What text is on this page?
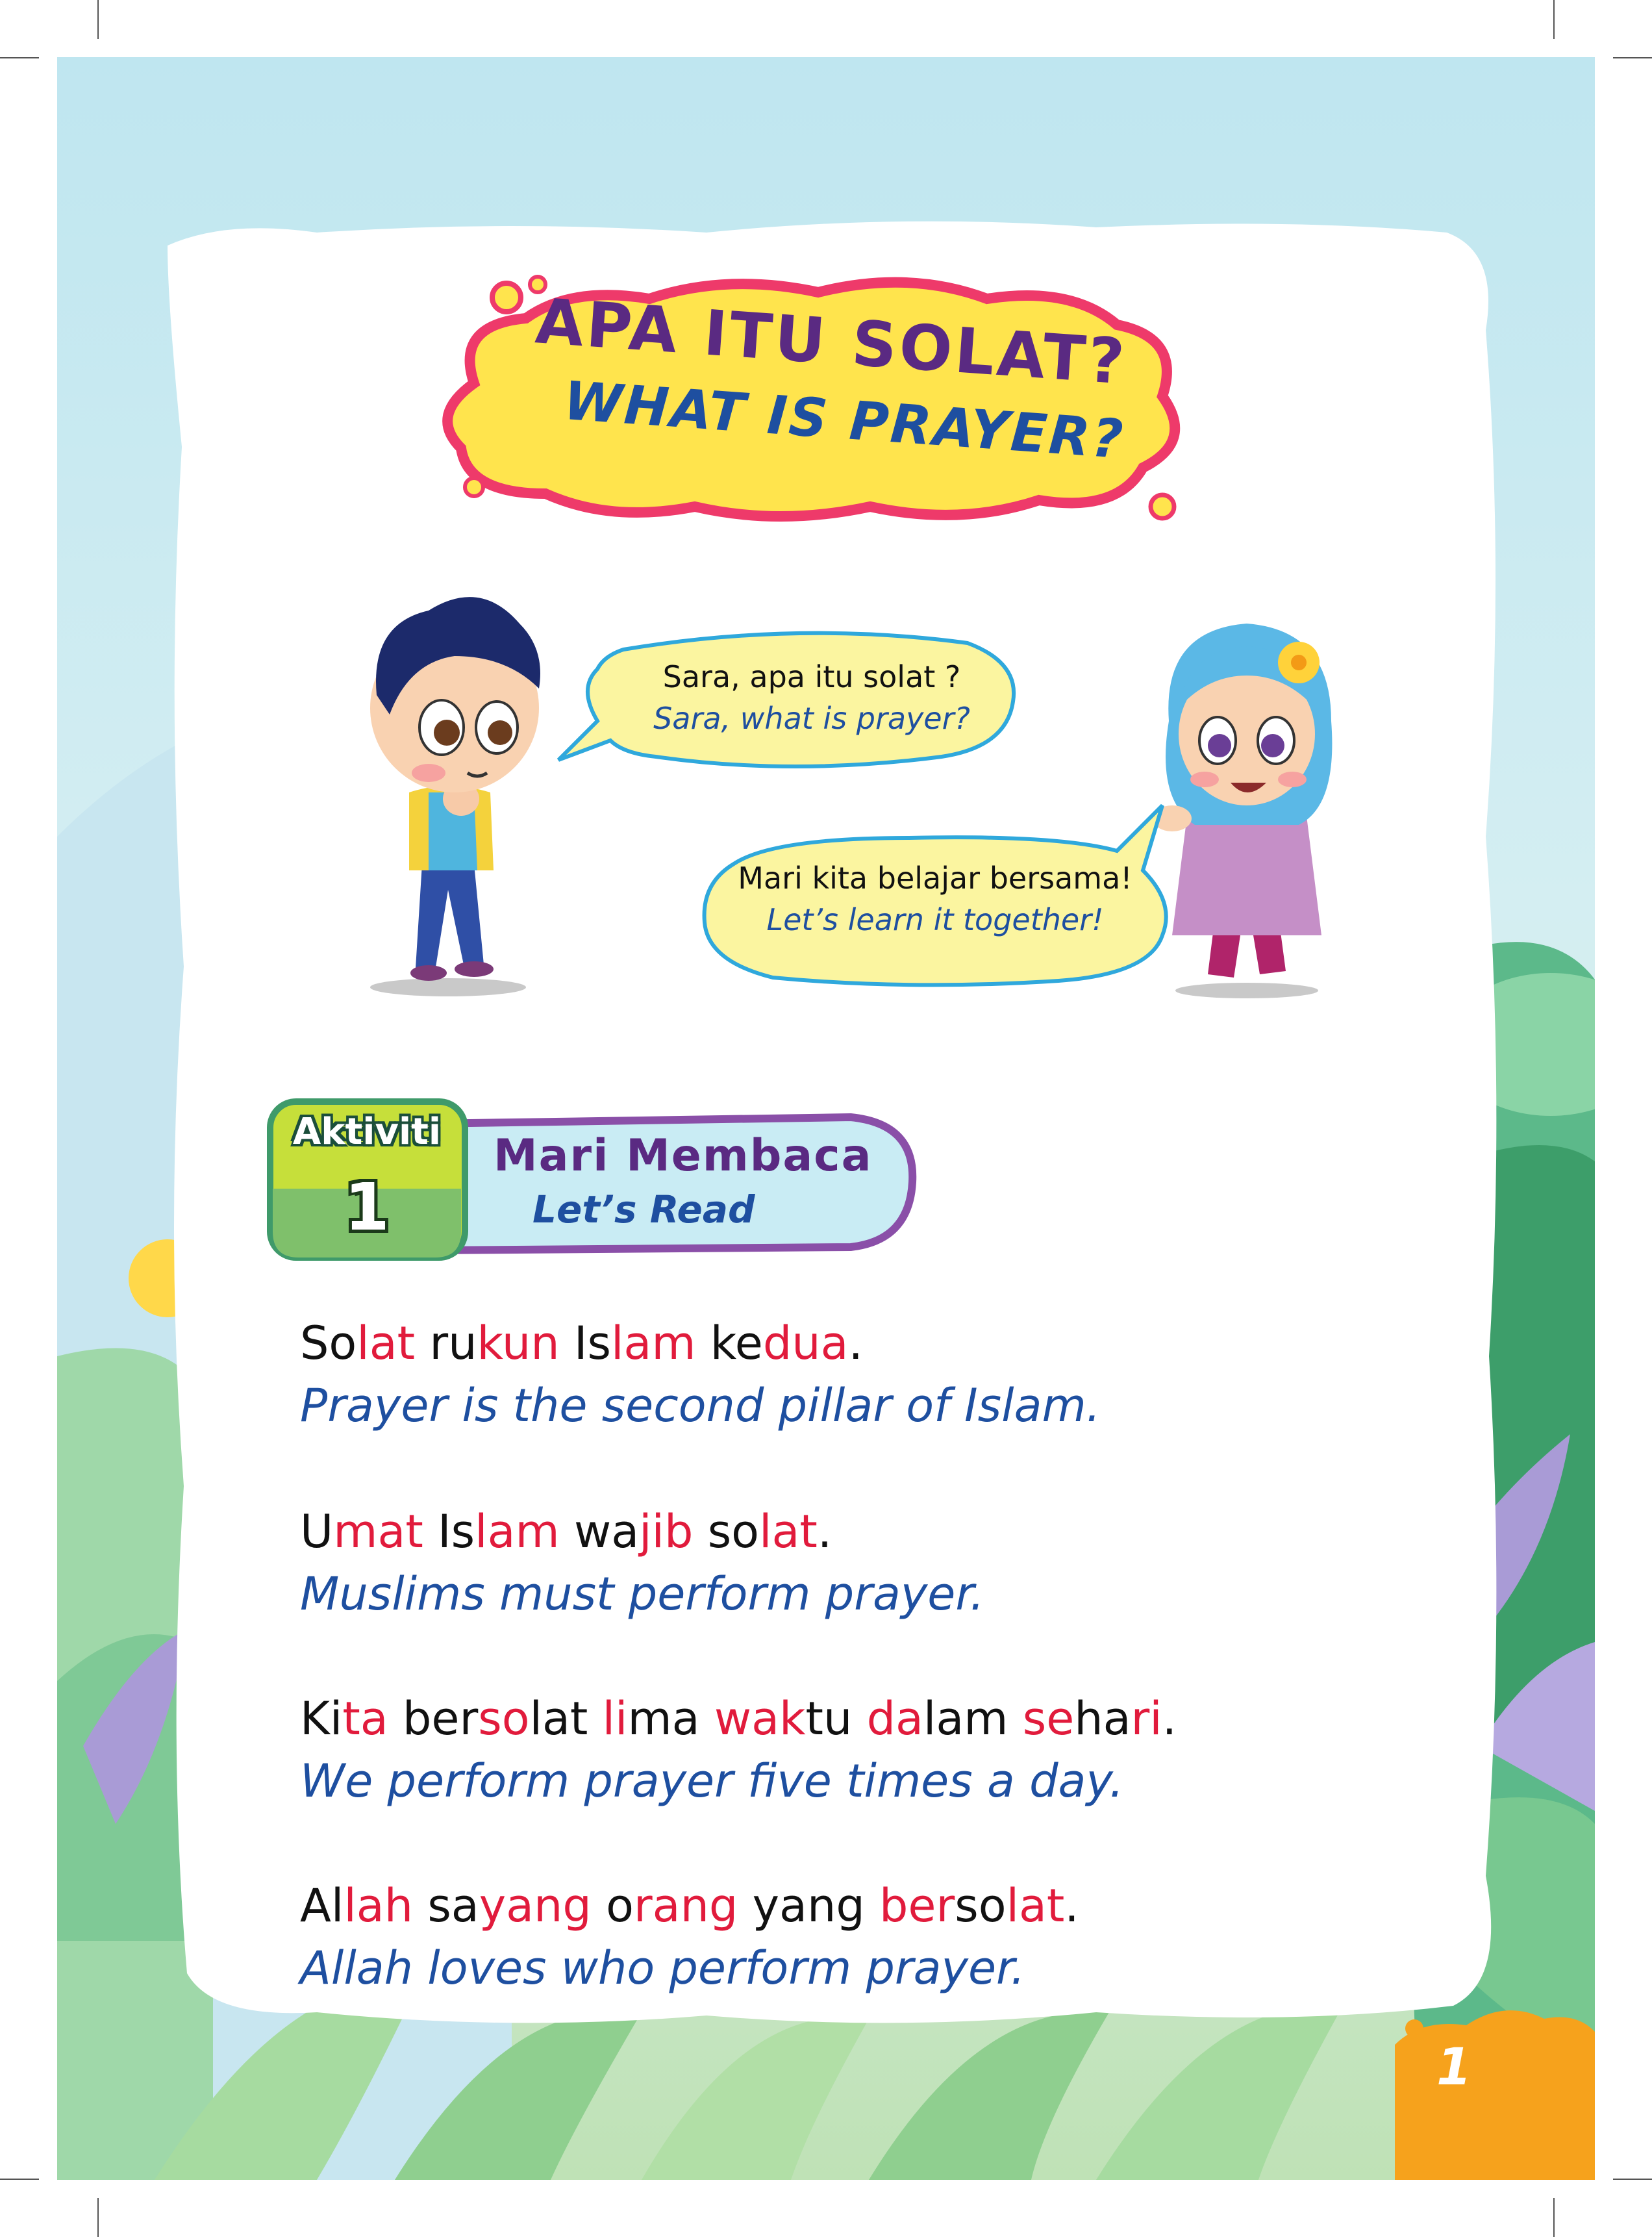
APA ITU SOLAT?
WHAT IS PRAYER?
Sara, apa itu solat ?
Sara, what is prayer?
Mari kita belajar bersama!
Let’s learn it together!
Aktiviti
1
Mari Membaca
Let’s Read
Solat rukun Islam kedua.
Prayer is the second pillar of Islam.
Umat Islam wajib solat.
Muslims must perform prayer.
Kita bersolat lima waktu dalam sehari.
We perform prayer five times a day.
Allah sayang orang yang bersolat.
Allah loves who perform prayer.
1
